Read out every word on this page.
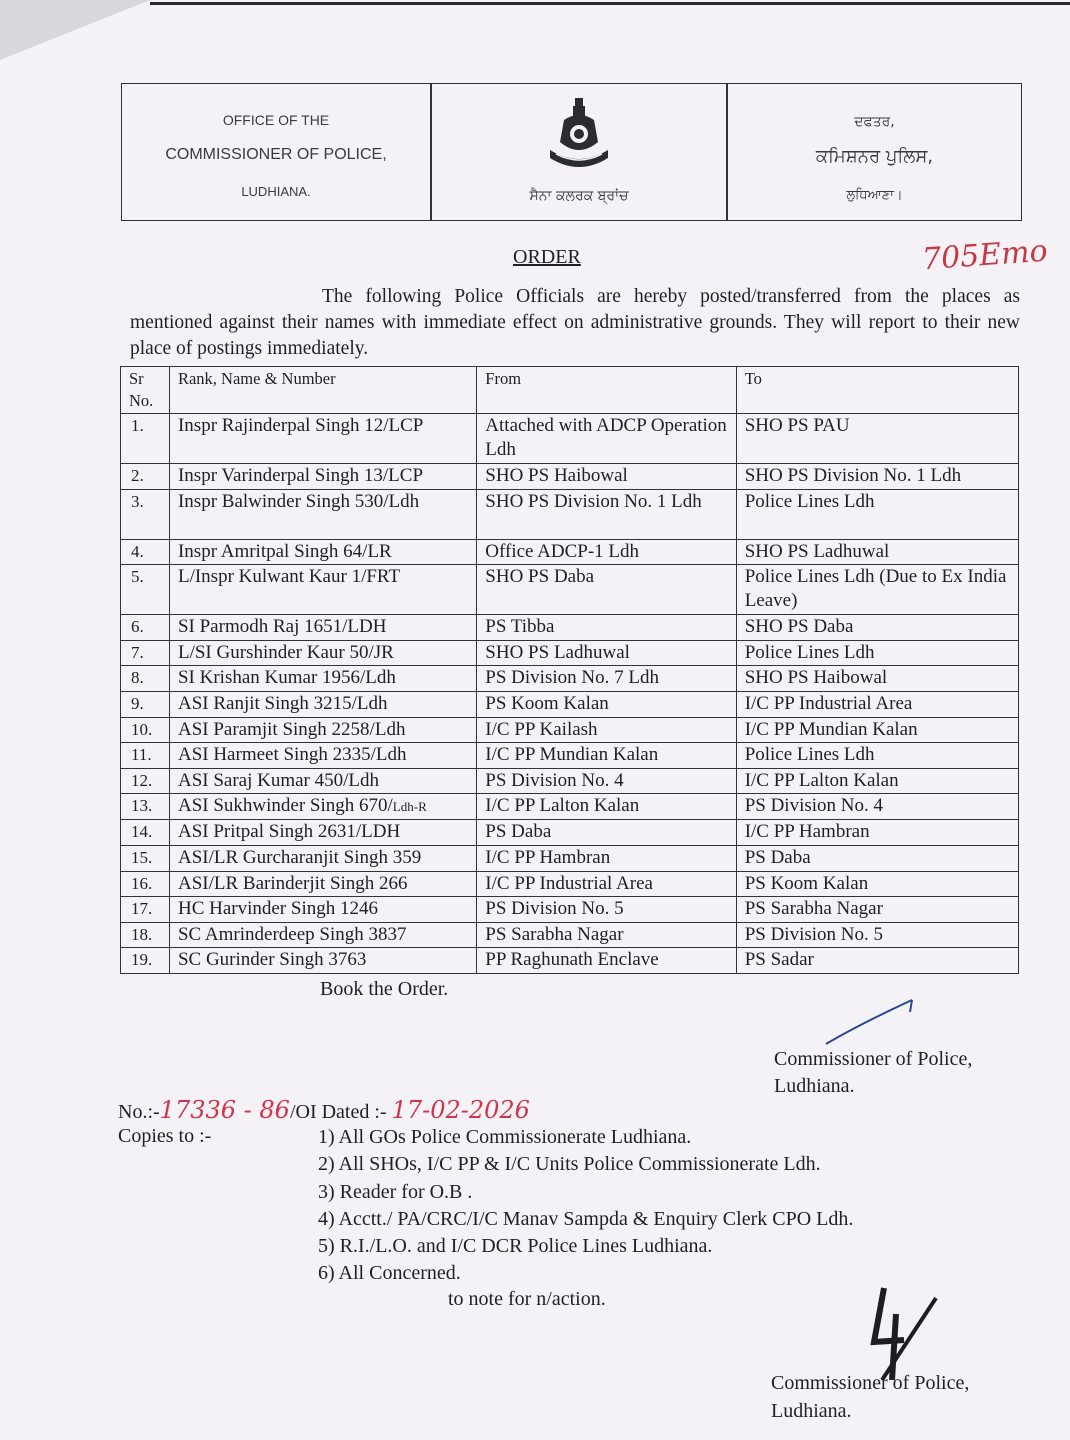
OFFICE OF THE
COMMISSIONER OF POLICE,
LUDHIANA.	ਸੈਨਾ ਕਲਰਕ ਬ੍ਰਾਂਚ
ਦਫਤਰ,
ਕਮਿਸ਼ਨਰ ਪੁਲਿਸ,
ਲੁਧਿਆਣਾ।
ORDER	705Emo
The following Police Officials are hereby posted/transferred from the places as mentioned against their names with immediate effect on administrative grounds. They will report to their new place of postings immediately.
Sr No.	Rank, Name & Number	From	To
1.	Inspr Rajinderpal Singh 12/LCP	Attached with ADCP Operation Ldh	SHO PS PAU
2.	Inspr Varinderpal Singh 13/LCP	SHO PS Haibowal	SHO PS Division No. 1 Ldh
3.	Inspr Balwinder Singh 530/Ldh	SHO PS Division No. 1 Ldh	Police Lines Ldh
4.	Inspr Amritpal Singh 64/LR	Office ADCP-1 Ldh	SHO PS Ladhuwal
5.	L/Inspr Kulwant Kaur 1/FRT	SHO PS Daba	Police Lines Ldh (Due to Ex India Leave)
6.	SI Parmodh Raj 1651/LDH	PS Tibba	SHO PS Daba
7.	L/SI Gurshinder Kaur 50/JR	SHO PS Ladhuwal	Police Lines Ldh
8.	SI Krishan Kumar 1956/Ldh	PS Division No. 7 Ldh	SHO PS Haibowal
9.	ASI Ranjit Singh 3215/Ldh	PS Koom Kalan	I/C PP Industrial Area
10.	ASI Paramjit Singh 2258/Ldh	I/C PP Kailash	I/C PP Mundian Kalan
11.	ASI Harmeet Singh 2335/Ldh	I/C PP Mundian Kalan	Police Lines Ldh
12.	ASI Saraj Kumar 450/Ldh	PS Division No. 4	I/C PP Lalton Kalan
13.	ASI Sukhwinder Singh 670/Ldh-R	I/C PP Lalton Kalan	PS Division No. 4
14.	ASI Pritpal Singh 2631/LDH	PS Daba	I/C PP Hambran
15.	ASI/LR Gurcharanjit Singh 359	I/C PP Hambran	PS Daba
16.	ASI/LR Barinderjit Singh 266	I/C PP Industrial Area	PS Koom Kalan
17.	HC Harvinder Singh 1246	PS Division No. 5	PS Sarabha Nagar
18.	SC Amrinderdeep Singh 3837	PS Sarabha Nagar	PS Division No. 5
19.	SC Gurinder Singh 3763	PP Raghunath Enclave	PS Sadar
Book the Order.
Commissioner of Police,
Ludhiana.
No.:-17336 - 86/OI Dated :- 17-02-2026
Copies to :-	1) All GOs Police Commissionerate Ludhiana.
2) All SHOs, I/C PP & I/C Units Police Commissionerate Ldh.
3) Reader for O.B .
4) Acctt./ PA/CRC/I/C Manav Sampda & Enquiry Clerk CPO Ldh.
5) R.I./L.O. and I/C DCR Police Lines Ludhiana.
6) All Concerned.
to note for n/action.
Commissioner of Police,
Ludhiana.
